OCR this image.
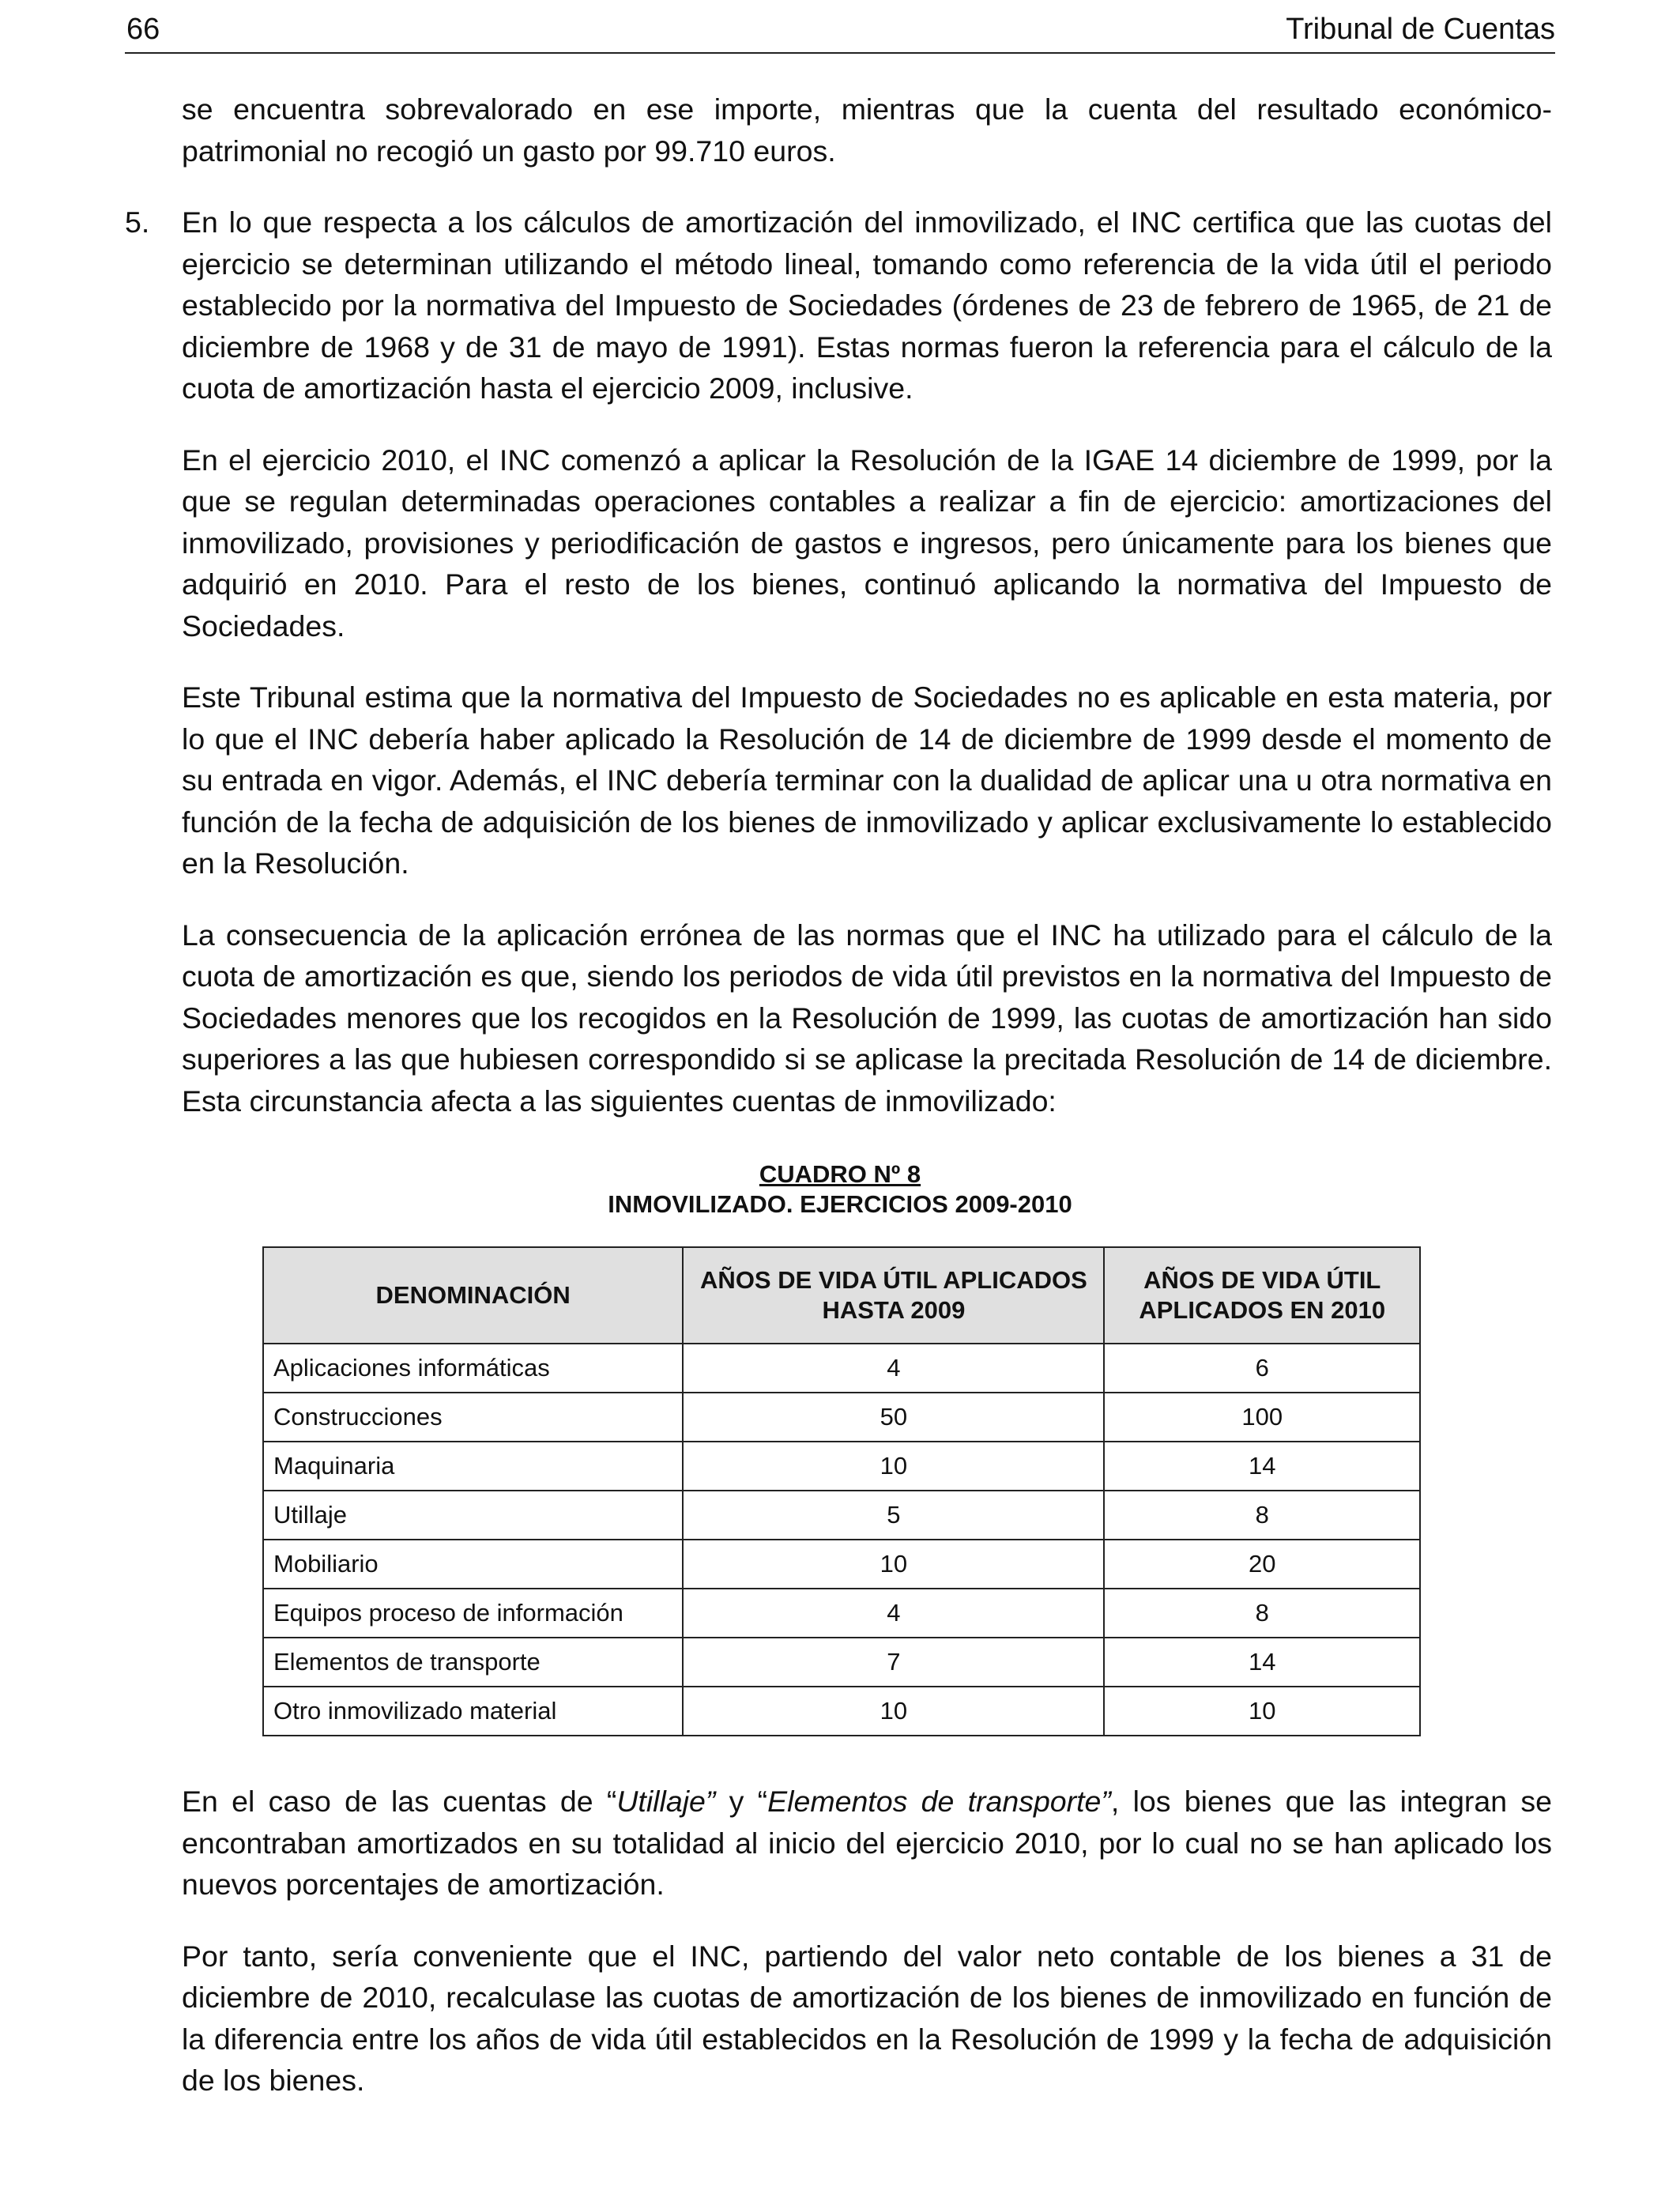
66	Tribunal de Cuentas

se encuentra sobrevalorado en ese importe, mientras que la cuenta del resultado económico-patrimonial no recogió un gasto por 99.710 euros.

5. En lo que respecta a los cálculos de amortización del inmovilizado, el INC certifica que las cuotas del ejercicio se determinan utilizando el método lineal, tomando como referencia de la vida útil el periodo establecido por la normativa del Impuesto de Sociedades (órdenes de 23 de febrero de 1965, de 21 de diciembre de 1968 y de 31 de mayo de 1991). Estas normas fueron la referencia para el cálculo de la cuota de amortización hasta el ejercicio 2009, inclusive.

En el ejercicio 2010, el INC comenzó a aplicar la Resolución de la IGAE 14 diciembre de 1999, por la que se regulan determinadas operaciones contables a realizar a fin de ejercicio: amortizaciones del inmovilizado, provisiones y periodificación de gastos e ingresos, pero únicamente para los bienes que adquirió en 2010. Para el resto de los bienes, continuó aplicando la normativa del Impuesto de Sociedades.

Este Tribunal estima que la normativa del Impuesto de Sociedades no es aplicable en esta materia, por lo que el INC debería haber aplicado la Resolución de 14 de diciembre de 1999 desde el momento de su entrada en vigor. Además, el INC debería terminar con la dualidad de aplicar una u otra normativa en función de la fecha de adquisición de los bienes de inmovilizado y aplicar exclusivamente lo establecido en la Resolución.

La consecuencia de la aplicación errónea de las normas que el INC ha utilizado para el cálculo de la cuota de amortización es que, siendo los periodos de vida útil previstos en la normativa del Impuesto de Sociedades menores que los recogidos en la Resolución de 1999, las cuotas de amortización han sido superiores a las que hubiesen correspondido si se aplicase la precitada Resolución de 14 de diciembre. Esta circunstancia afecta a las siguientes cuentas de inmovilizado:

CUADRO Nº 8
INMOVILIZADO. EJERCICIOS 2009-2010
DENOMINACIÓN	AÑOS DE VIDA ÚTIL APLICADOS HASTA 2009	AÑOS DE VIDA ÚTIL APLICADOS EN 2010
Aplicaciones informáticas	4	6
Construcciones	50	100
Maquinaria	10	14
Utillaje	5	8
Mobiliario	10	20
Equipos proceso de información	4	8
Elementos de transporte	7	14
Otro inmovilizado material	10	10

En el caso de las cuentas de “Utillaje” y “Elementos de transporte”, los bienes que las integran se encontraban amortizados en su totalidad al inicio del ejercicio 2010, por lo cual no se han aplicado los nuevos porcentajes de amortización.

Por tanto, sería conveniente que el INC, partiendo del valor neto contable de los bienes a 31 de diciembre de 2010, recalculase las cuotas de amortización de los bienes de inmovilizado en función de la diferencia entre los años de vida útil establecidos en la Resolución de 1999 y la fecha de adquisición de los bienes.
